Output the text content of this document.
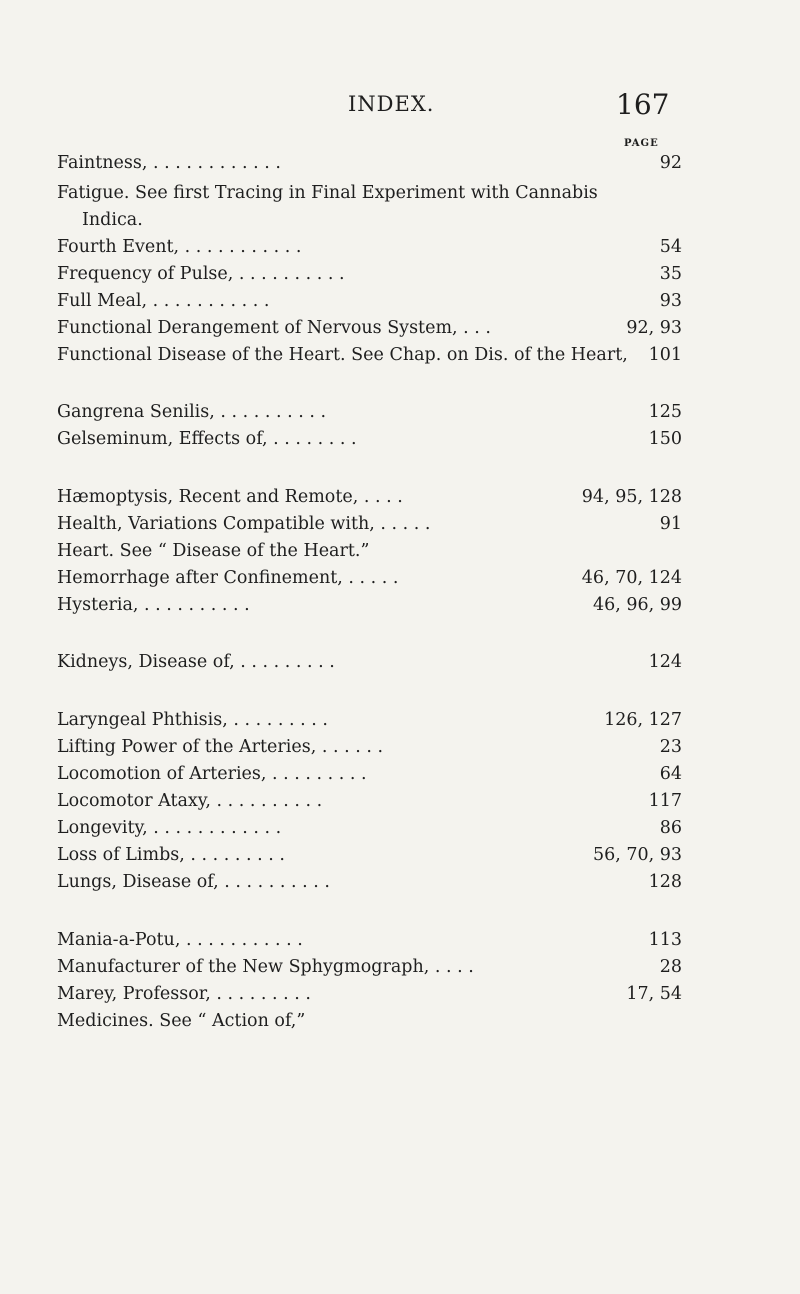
INDEX.	167
PAGE
Faintness, . . . . . . . . . . . .	92
Fatigue. See first Tracing in Final Experiment with Cannabis
Indica.
Fourth Event, . . . . . . . . . . .	54
Frequency of Pulse, . . . . . . . . . .	35
Full Meal, . . . . . . . . . . .	93
Functional Derangement of Nervous System, . . .	92, 93
Functional Disease of the Heart. See Chap. on Dis. of the Heart, 101
Gangrena Senilis, . . . . . . . . . .	125
Gelseminum, Effects of, . . . . . . . .	150
Hæmoptysis, Recent and Remote, . . . .	94, 95, 128
Health, Variations Compatible with, . . . . .	91
Heart. See “ Disease of the Heart.”
Hemorrhage after Confinement, . . . . .	46, 70, 124
Hysteria, . . . . . . . . . .	46, 96, 99
Kidneys, Disease of, . . . . . . . . .	124
Laryngeal Phthisis, . . . . . . . . .	126, 127
Lifting Power of the Arteries, . . . . . .	23
Locomotion of Arteries, . . . . . . . . .	64
Locomotor Ataxy, . . . . . . . . . .	117
Longevity, . . . . . . . . . . . .	86
Loss of Limbs, . . . . . . . . .	56, 70, 93
Lungs, Disease of, . . . . . . . . . .	128
Mania-a-Potu, . . . . . . . . . . .	113
Manufacturer of the New Sphygmograph, . . . .	28
Marey, Professor, . . . . . . . . .	17, 54
Medicines. See “ Action of,”
